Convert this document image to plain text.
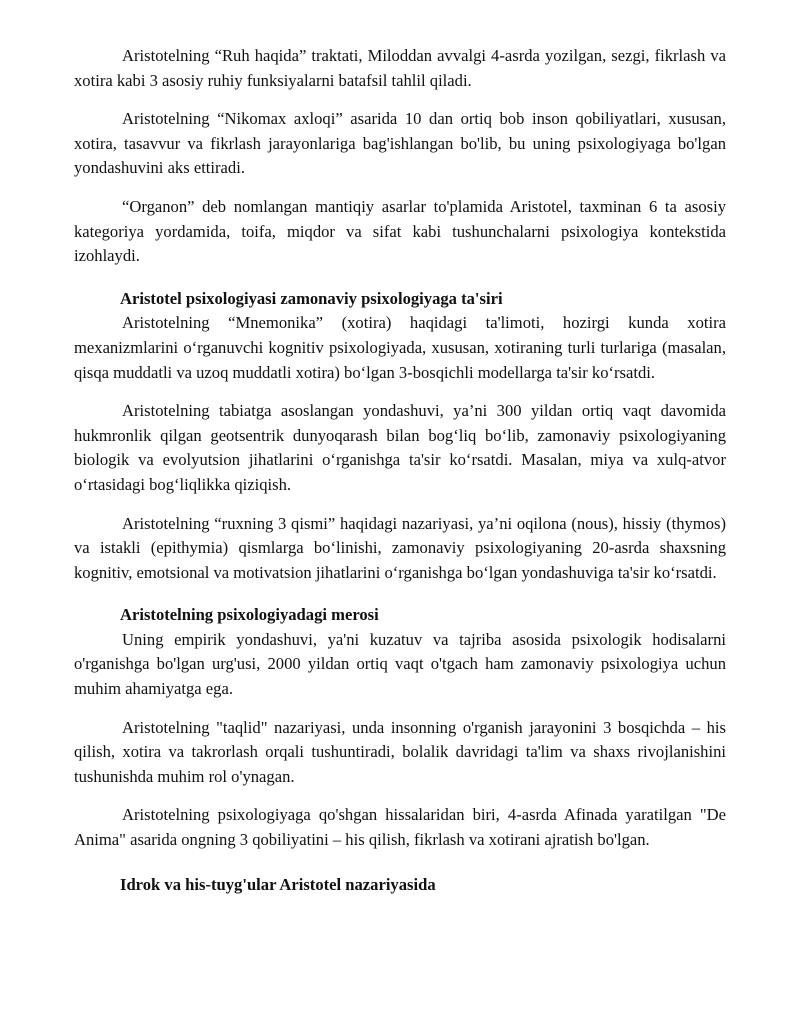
Aristotelning “Ruh haqida” traktati, Miloddan avvalgi 4-asrda yozilgan, sezgi, fikrlash va xotira kabi 3 asosiy ruhiy funksiyalarni batafsil tahlil qiladi.

Aristotelning “Nikomax axloqi” asarida 10 dan ortiq bob inson qobiliyatlari, xususan, xotira, tasavvur va fikrlash jarayonlariga bag'ishlangan bo'lib, bu uning psixologiyaga bo'lgan yondashuvini aks ettiradi.

“Organon” deb nomlangan mantiqiy asarlar to'plamida Aristotel, taxminan 6 ta asosiy kategoriya yordamida, toifa, miqdor va sifat kabi tushunchalarni psixologiya kontekstida izohlaydi.

Aristotel psixologiyasi zamonaviy psixologiyaga ta'siri

Aristotelning “Mnemonika” (xotira) haqidagi ta'limoti, hozirgi kunda xotira mexanizmlarini o‘rganuvchi kognitiv psixologiyada, xususan, xotiraning turli turlariga (masalan, qisqa muddatli va uzoq muddatli xotira) bo‘lgan 3-bosqichli modellarga ta'sir ko‘rsatdi.

Aristotelning tabiatga asoslangan yondashuvi, ya’ni 300 yildan ortiq vaqt davomida hukmronlik qilgan geotsentrik dunyoqarash bilan bog‘liq bo‘lib, zamonaviy psixologiyaning biologik va evolyutsion jihatlarini o‘rganishga ta'sir ko‘rsatdi. Masalan, miya va xulq-atvor o‘rtasidagi bog‘liqlikka qiziqish.

Aristotelning “ruxning 3 qismi” haqidagi nazariyasi, ya’ni oqilona (nous), hissiy (thymos) va istakli (epithymia) qismlarga bo‘linishi, zamonaviy psixologiyaning 20-asrda shaxsning kognitiv, emotsional va motivatsion jihatlarini o‘rganishga bo‘lgan yondashuviga ta'sir ko‘rsatdi.

Aristotelning psixologiyadagi merosi

Uning empirik yondashuvi, ya'ni kuzatuv va tajriba asosida psixologik hodisalarni o'rganishga bo'lgan urg'usi, 2000 yildan ortiq vaqt o'tgach ham zamonaviy psixologiya uchun muhim ahamiyatga ega.

Aristotelning "taqlid" nazariyasi, unda insonning o'rganish jarayonini 3 bosqichda – his qilish, xotira va takrorlash orqali tushuntiradi, bolalik davridagi ta'lim va shaxs rivojlanishini tushunishda muhim rol o'ynagan.

Aristotelning psixologiyaga qo'shgan hissalaridan biri, 4-asrda Afinada yaratilgan "De Anima" asarida ongning 3 qobiliyatini – his qilish, fikrlash va xotirani ajratish bo'lgan.

Idrok va his-tuyg'ular Aristotel nazariyasida
